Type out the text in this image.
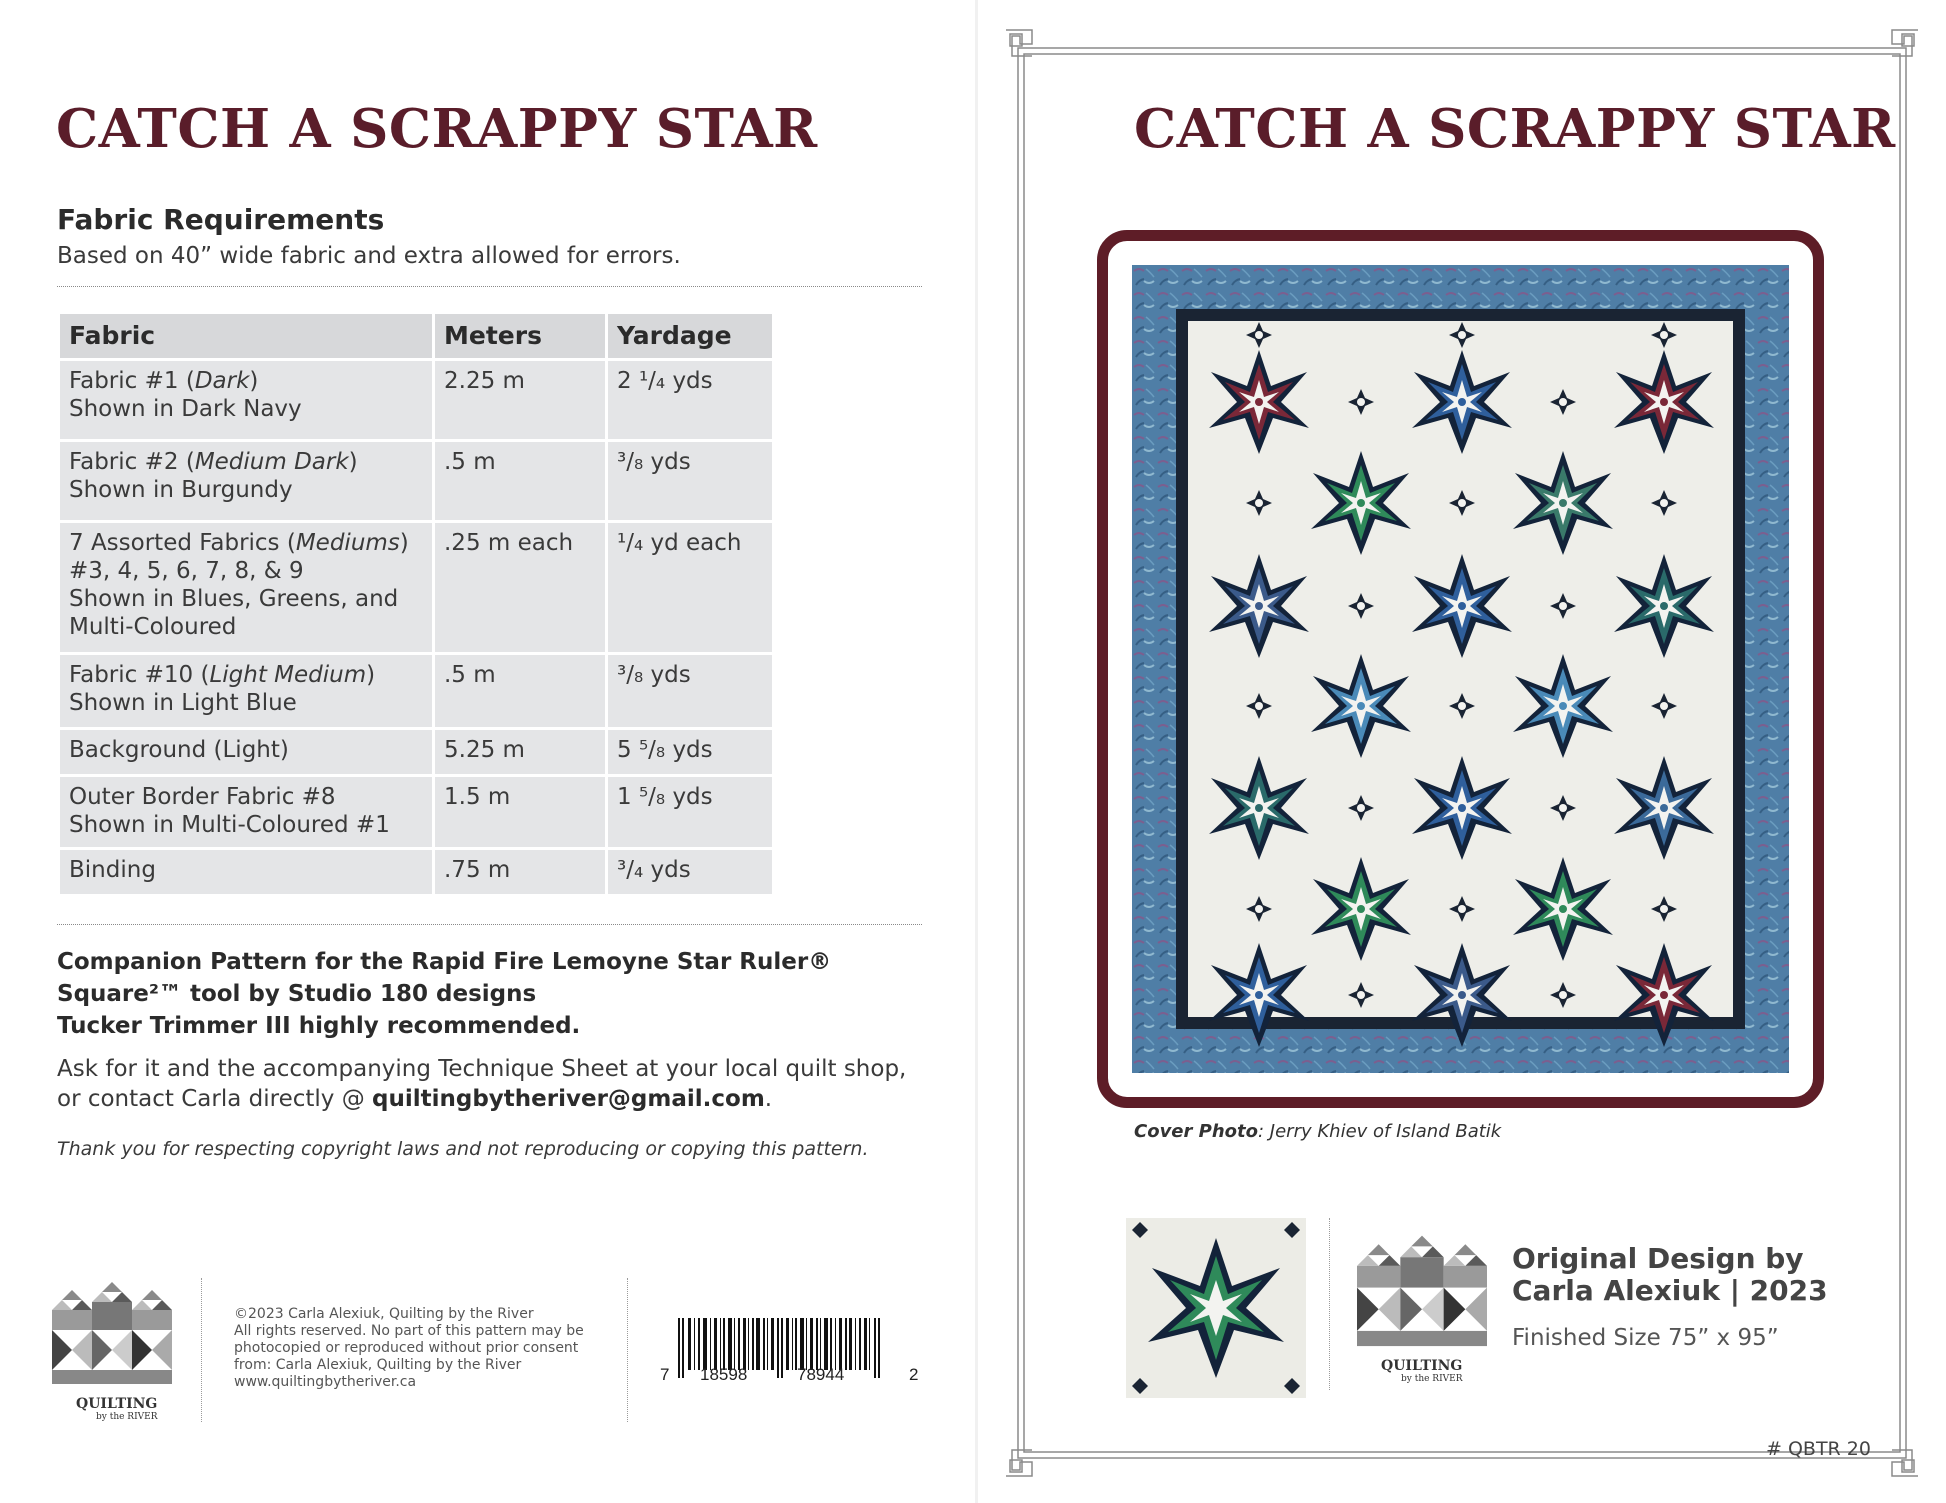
CATCH A SCRAPPY STAR
Fabric Requirements
Based on 40” wide fabric and extra allowed for errors.
Fabric	Meters	Yardage
Fabric #1 (Dark)
Shown in Dark Navy	2.25 m	2 ¹/₄ yds
Fabric #2 (Medium Dark)
Shown in Burgundy	.5 m	³/₈ yds
7 Assorted Fabrics (Mediums)
#3, 4, 5, 6, 7, 8, & 9
Shown in Blues, Greens, and
Multi-Coloured	.25 m each	¹/₄ yd each
Fabric #10 (Light Medium)
Shown in Light Blue	.5 m	³/₈ yds
Background (Light)	5.25 m	5 ⁵/₈ yds
Outer Border Fabric #8
Shown in Multi-Coloured #1	1.5 m	1 ⁵/₈ yds
Binding	.75 m	³/₄ yds
Companion Pattern for the Rapid Fire Lemoyne Star Ruler®
Square²™ tool by Studio 180 designs
Tucker Trimmer III highly recommended.
Ask for it and the accompanying Technique Sheet at your local quilt shop, or contact Carla directly @ quiltingbytheriver@gmail.com.
Thank you for respecting copyright laws and not reproducing or copying this pattern.
QUILTING
by the RIVER
©2023 Carla Alexiuk, Quilting by the River
All rights reserved. No part of this pattern may be
photocopied or reproduced without prior consent
from: Carla Alexiuk, Quilting by the River
www.quiltingbytheriver.ca	7 18598	78944	2
CATCH A SCRAPPY STAR
Cover Photo: Jerry Khiev of Island Batik
QUILTING
by the RIVER
Original Design by
Carla Alexiuk | 2023
Finished Size 75” x 95”
# QBTR 20
